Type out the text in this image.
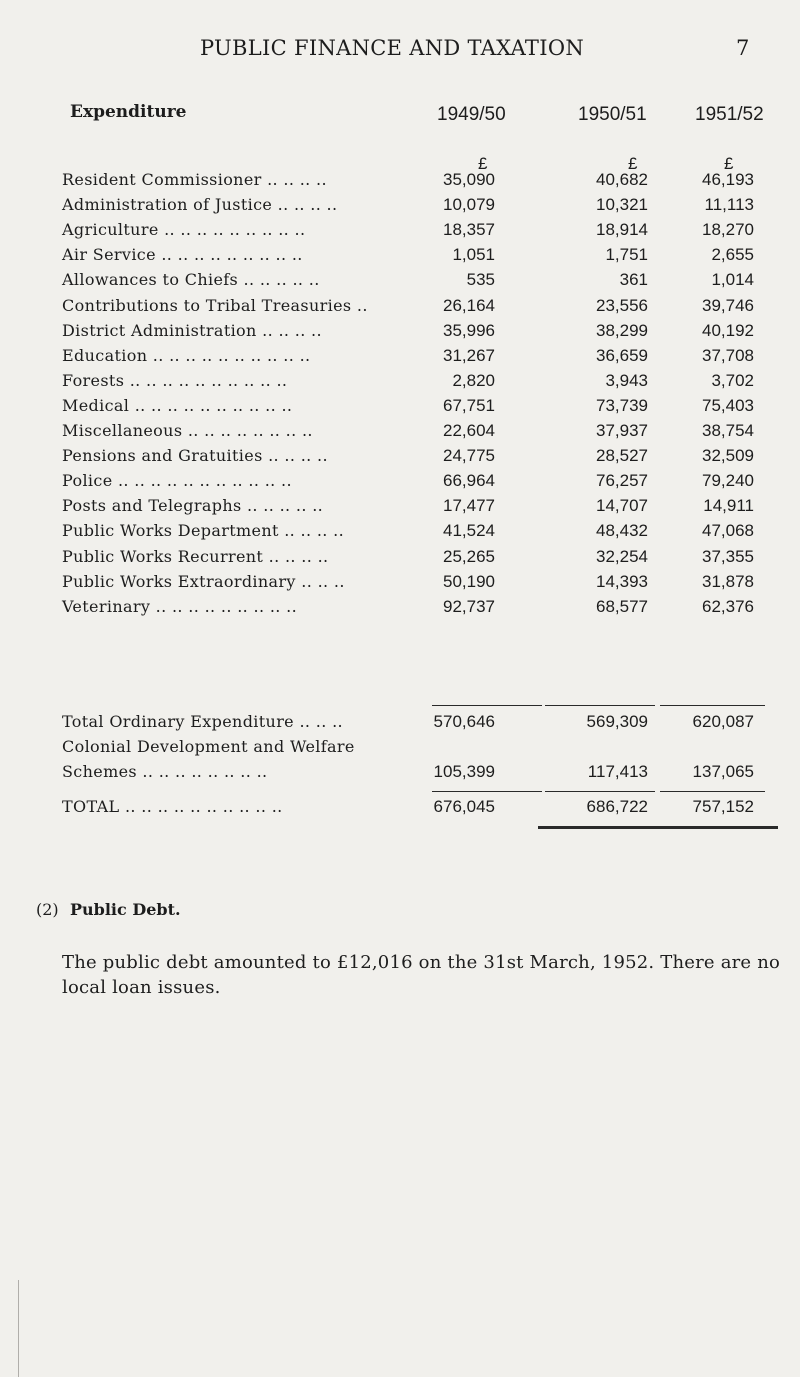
PUBLIC FINANCE AND TAXATION	7
Expenditure	1949/50	1950/51	1951/52
£	£	£
Resident Commissioner .. .. .. ..	35,090	40,682	46,193
Administration of Justice .. .. .. ..	10,079	10,321	11,113
Agriculture .. .. .. .. .. .. .. .. ..	18,357	18,914	18,270
Air Service .. .. .. .. .. .. .. .. ..	1,051	1,751	2,655
Allowances to Chiefs .. .. .. .. ..	535	361	1,014
Contributions to Tribal Treasuries ..	26,164	23,556	39,746
District Administration .. .. .. ..	35,996	38,299	40,192
Education .. .. .. .. .. .. .. .. .. ..	31,267	36,659	37,708
Forests .. .. .. .. .. .. .. .. .. ..	2,820	3,943	3,702
Medical .. .. .. .. .. .. .. .. .. ..	67,751	73,739	75,403
Miscellaneous .. .. .. .. .. .. .. ..	22,604	37,937	38,754
Pensions and Gratuities .. .. .. ..	24,775	28,527	32,509
Police .. .. .. .. .. .. .. .. .. .. ..	66,964	76,257	79,240
Posts and Telegraphs .. .. .. .. ..	17,477	14,707	14,911
Public Works Department .. .. .. ..	41,524	48,432	47,068
Public Works Recurrent .. .. .. ..	25,265	32,254	37,355
Public Works Extraordinary .. .. ..	50,190	14,393	31,878
Veterinary .. .. .. .. .. .. .. .. ..	92,737	68,577	62,376
Total Ordinary Expenditure .. .. ..	570,646	569,309	620,087
Colonial Development and Welfare
Schemes .. .. .. .. .. .. .. ..	105,399	117,413	137,065
TOTAL .. .. .. .. .. .. .. .. .. ..	676,045	686,722	757,152
(2) Public Debt.
The public debt amounted to £12,016 on the 31st March, 1952. There are no local loan issues.
